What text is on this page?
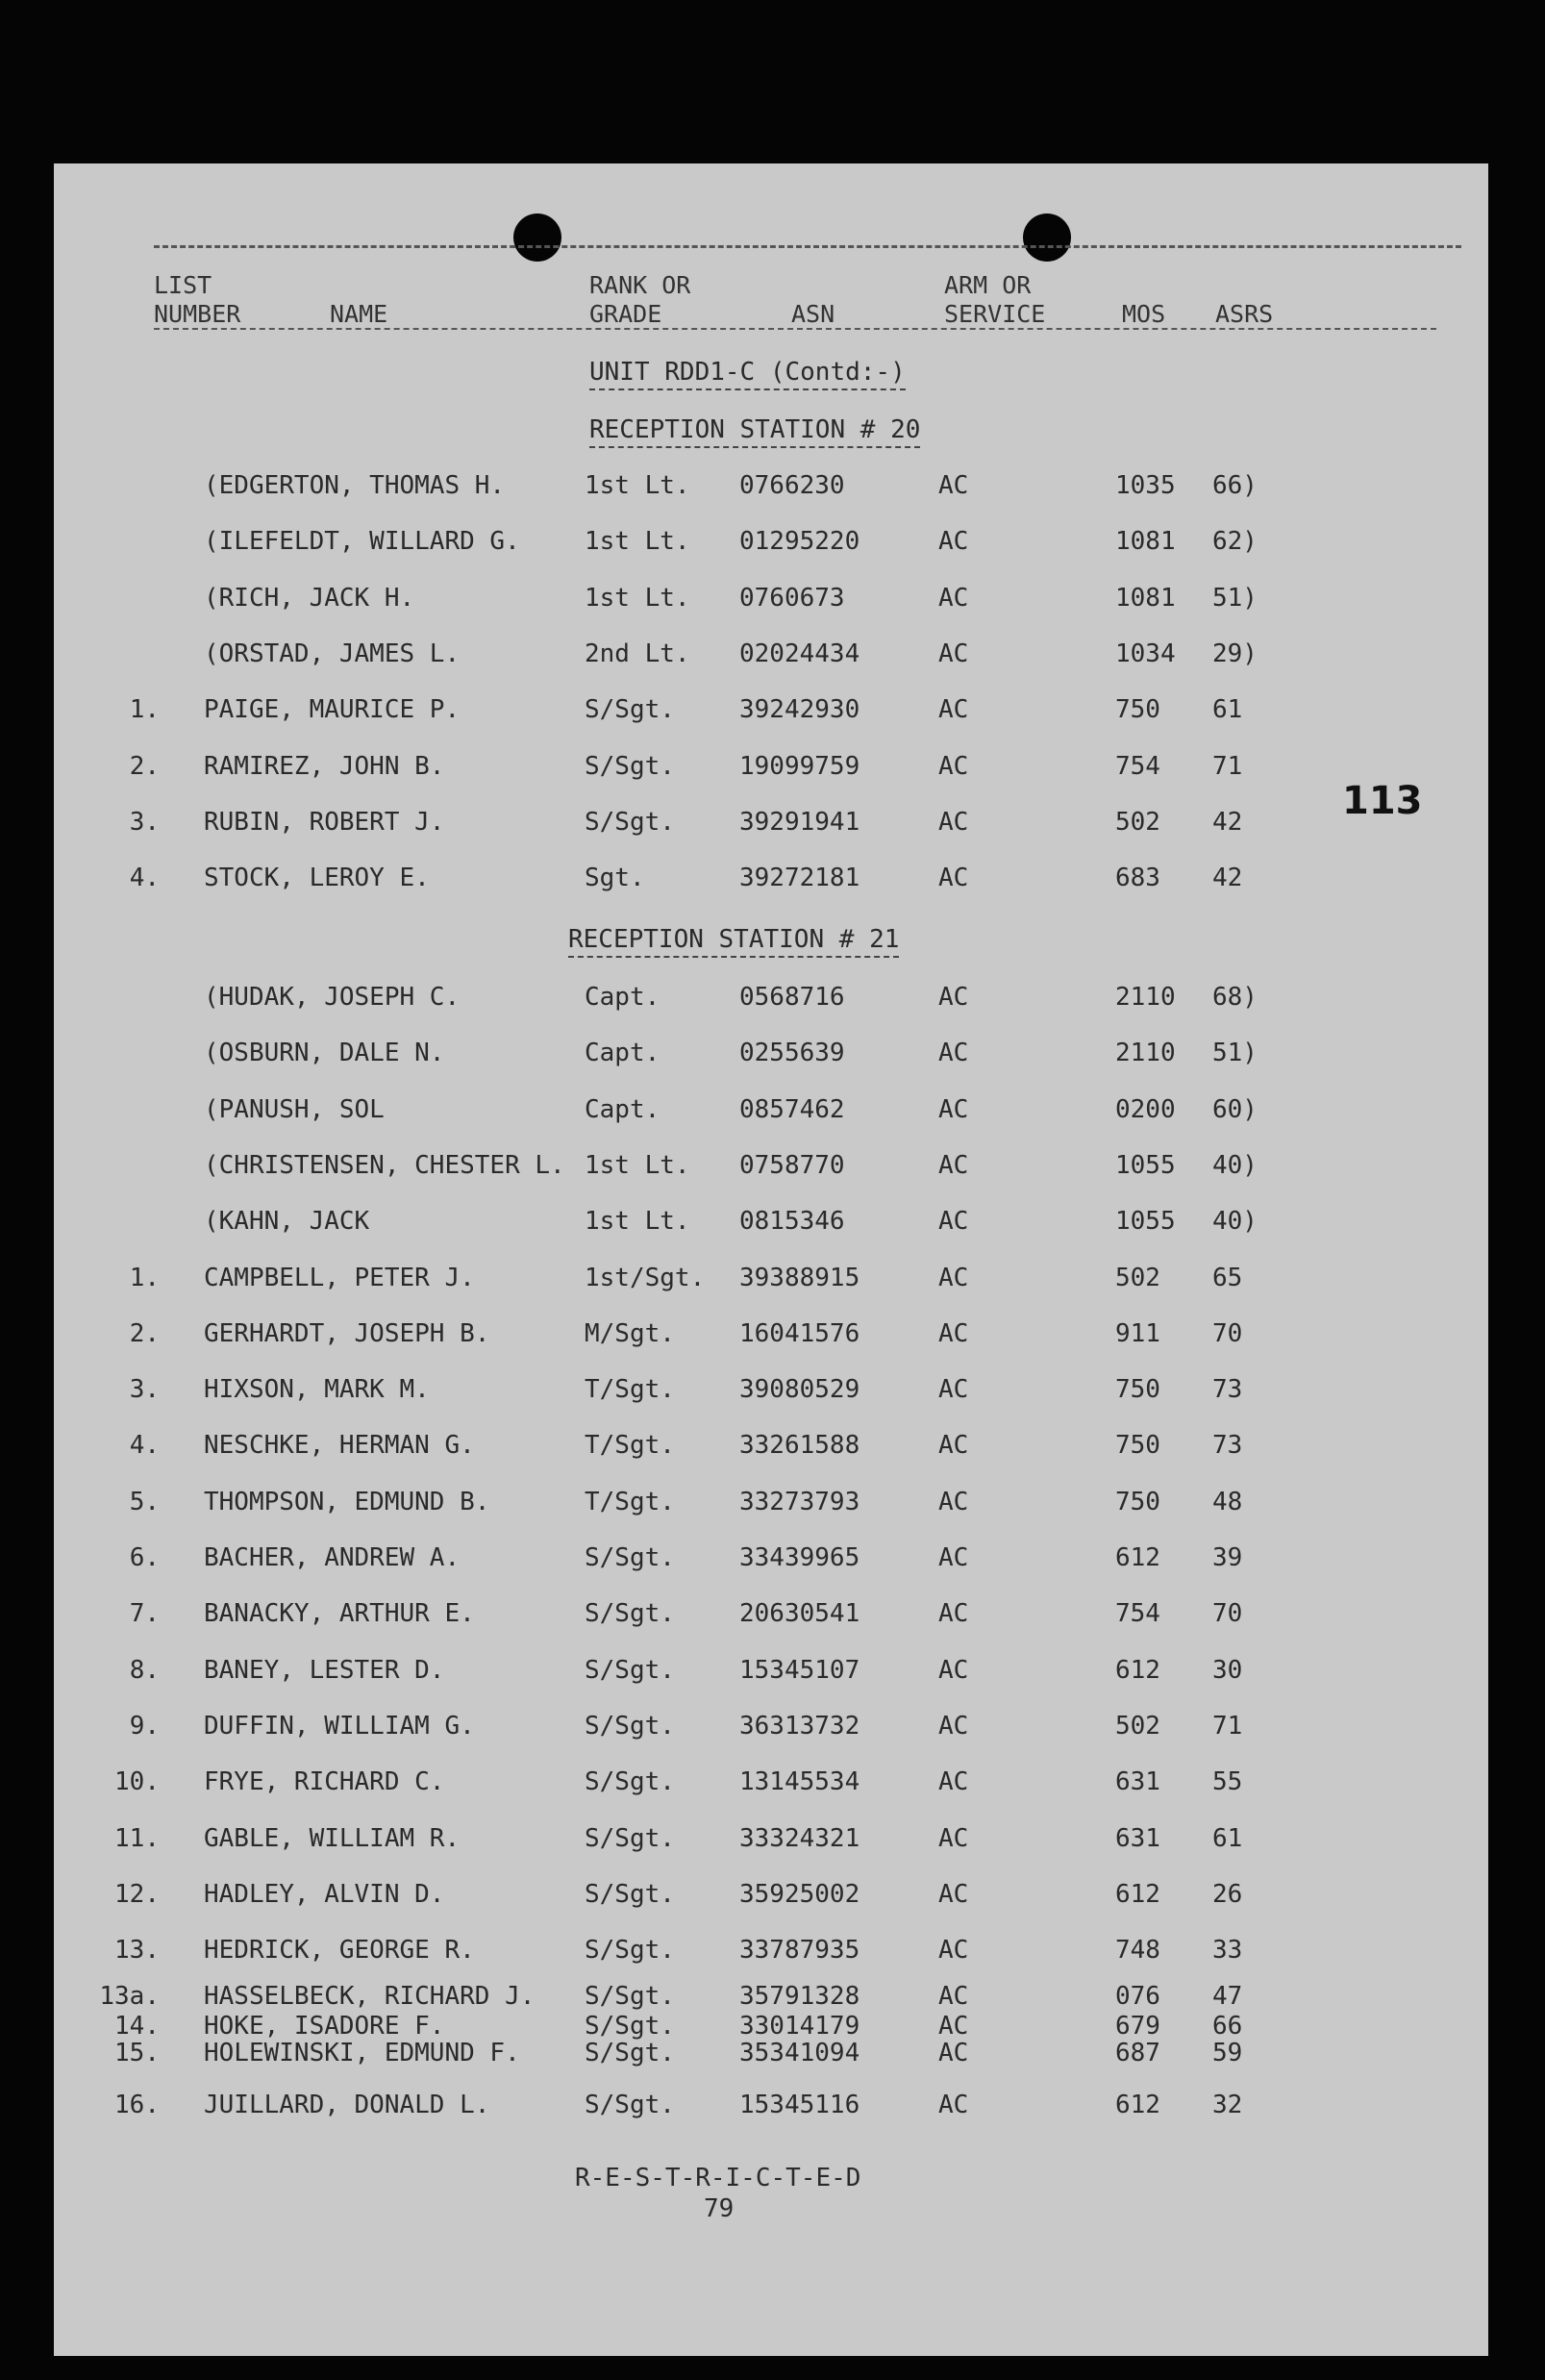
LIST
NUMBER	NAME
RANK OR
GRADE	ASN
ARM OR
SERVICE	MOS ASRS
UNIT RDD1-C (Contd:-)
RECEPTION STATION # 20
(EDGERTON, THOMAS H.	1st Lt. 0766230	AC	1035 66)
(ILEFELDT, WILLARD G.	1st Lt. 01295220	AC	1081 62)
(RICH, JACK H.	1st Lt. 0760673	AC	1081 51)
(ORSTAD, JAMES L.	2nd Lt. 02024434	AC	1034 29)
1. PAIGE, MAURICE P.	S/Sgt.	39242930	AC	750 61
2. RAMIREZ, JOHN B.	S/Sgt.	19099759	AC	754 71
3. RUBIN, ROBERT J.	S/Sgt.	39291941	AC	502 42
4. STOCK, LEROY E.	Sgt.	39272181	AC	683 42
RECEPTION STATION # 21
(HUDAK, JOSEPH C.	Capt.	0568716	AC	2110 68)
(OSBURN, DALE N.	Capt.	0255639	AC	2110 51)
(PANUSH, SOL	Capt.	0857462	AC	0200 60)
(CHRISTENSEN, CHESTER L. 1st Lt. 0758770	AC	1055 40)
(KAHN, JACK	1st Lt. 0815346	AC	1055 40)
1. CAMPBELL, PETER J.	1st/Sgt. 39388915	AC	502 65
2. GERHARDT, JOSEPH B.	M/Sgt.	16041576	AC	911 70
3. HIXSON, MARK M.	T/Sgt.	39080529	AC	750 73
4. NESCHKE, HERMAN G.	T/Sgt.	33261588	AC	750 73
5. THOMPSON, EDMUND B.	T/Sgt.	33273793	AC	750 48
6. BACHER, ANDREW A.	S/Sgt.	33439965	AC	612 39
7. BANACKY, ARTHUR E.	S/Sgt.	20630541	AC	754 70
8. BANEY, LESTER D.	S/Sgt.	15345107	AC	612 30
9. DUFFIN, WILLIAM G.	S/Sgt.	36313732	AC	502 71
10. FRYE, RICHARD C.	S/Sgt.	13145534	AC	631 55
11. GABLE, WILLIAM R.	S/Sgt.	33324321	AC	631 61
12. HADLEY, ALVIN D.	S/Sgt.	35925002	AC	612 26
13. HEDRICK, GEORGE R.	S/Sgt.	33787935	AC	748 33
13a. HASSELBECK, RICHARD J. S/Sgt.	35791328	AC	076 47
14. HOKE, ISADORE F.	S/Sgt.	33014179	AC	679 66
15. HOLEWINSKI, EDMUND F.	S/Sgt.	35341094	AC	687 59
16. JUILLARD, DONALD L.	S/Sgt.	15345116	AC	612 32
113
R-E-S-T-R-I-C-T-E-D
79
